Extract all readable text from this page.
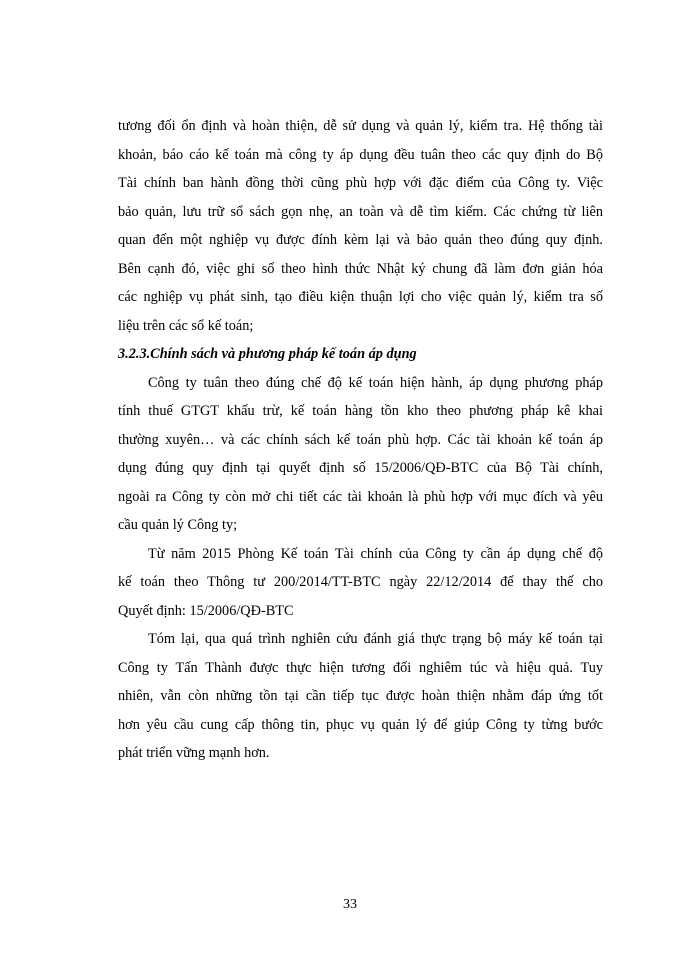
tương đối ổn định và hoàn thiện, dễ sử dụng và quản lý, kiểm tra. Hệ thống tài
khoản, báo cáo kế toán mà công ty áp dụng đều tuân theo các quy định do Bộ
Tài chính ban hành đồng thời cũng phù hợp với đặc điểm của Công ty. Việc
bảo quản, lưu trữ sổ sách gọn nhẹ, an toàn và dễ tìm kiếm. Các chứng từ liên
quan đến một nghiệp vụ được đính kèm lại và bảo quản theo đúng quy định.
Bên cạnh đó, việc ghi sổ theo hình thức Nhật ký chung đã làm đơn giản hóa
các nghiệp vụ phát sinh, tạo điều kiện thuận lợi cho việc quản lý, kiểm tra số
liệu trên các sổ kế toán;
3.2.3.Chính sách và phương pháp kế toán áp dụng
Công ty tuân theo đúng chế độ kế toán hiện hành, áp dụng phương pháp
tính thuế GTGT khấu trừ, kế toán hàng tồn kho theo phương pháp kê khai
thường xuyên… và các chính sách kế toán phù hợp. Các tài khoản kế toán áp
dụng đúng quy định tại quyết định số 15/2006/QĐ-BTC của Bộ Tài chính,
ngoài ra Công ty còn mở chi tiết các tài khoản là phù hợp với mục đích và yêu
cầu quản lý Công ty;
Từ năm 2015 Phòng Kế toán Tài chính của Công ty cần áp dụng chế độ
kế toán theo Thông tư 200/2014/TT-BTC ngày 22/12/2014 để thay thế cho
Quyết định: 15/2006/QĐ-BTC
Tóm lại, qua quá trình nghiên cứu đánh giá thực trạng bộ máy kế toán tại
Công ty Tấn Thành được thực hiện tương đối nghiêm túc và hiệu quả. Tuy
nhiên, vẫn còn những tồn tại cần tiếp tục được hoàn thiện nhằm đáp ứng tốt
hơn yêu cầu cung cấp thông tin, phục vụ quản lý để giúp Công ty từng bước
phát triển vững mạnh hơn.
33
